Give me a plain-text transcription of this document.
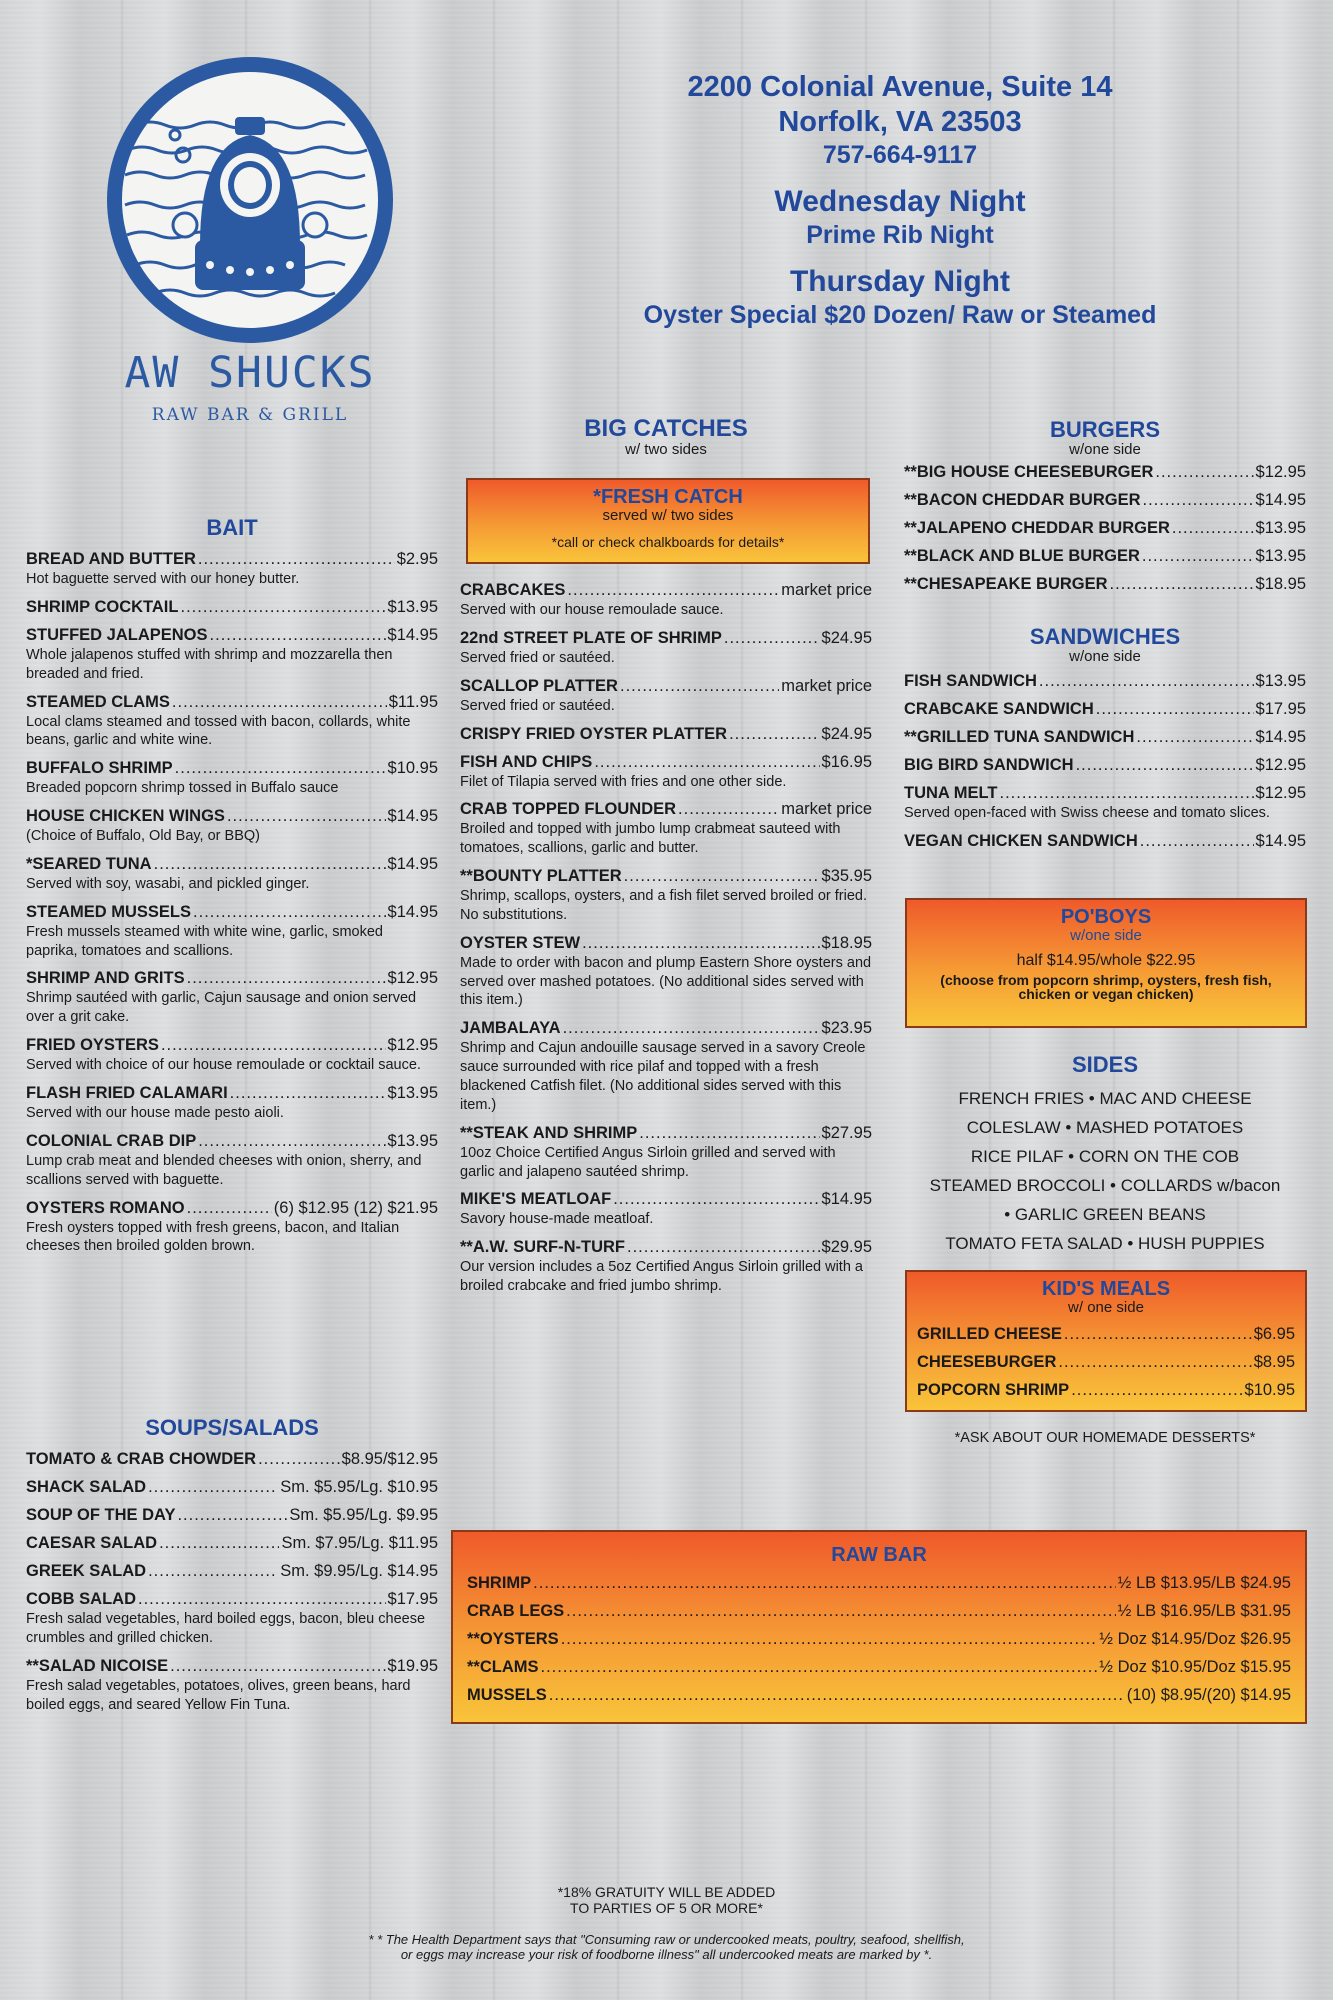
AW SHUCKS
RAW BAR & GRILL
2200 Colonial Avenue, Suite 14
Norfolk, VA 23503
757-664-9117
Wednesday Night
Prime Rib Night
Thursday Night
Oyster Special $20 Dozen/ Raw or Steamed
BAIT
BREAD AND BUTTER .....	$2.95
Hot baguette served with our honey butter.
SHRIMP COCKTAIL .....	$13.95
STUFFED JALAPENOS .....	$14.95
Whole jalapenos stuffed with shrimp and mozzarella then breaded and fried.
STEAMED CLAMS .....	$11.95
Local clams steamed and tossed with bacon, collards, white beans, garlic and white wine.
BUFFALO SHRIMP .....	$10.95
Breaded popcorn shrimp tossed in Buffalo sauce
HOUSE CHICKEN WINGS .....	$14.95
(Choice of Buffalo, Old Bay, or BBQ)
*SEARED TUNA .....	$14.95
Served with soy, wasabi, and pickled ginger.
STEAMED MUSSELS .....	$14.95
Fresh mussels steamed with white wine, garlic, smoked paprika, tomatoes and scallions.
SHRIMP AND GRITS .....	$12.95
Shrimp sautéed with garlic, Cajun sausage and onion served over a grit cake.
FRIED OYSTERS .....	$12.95
Served with choice of our house remoulade or cocktail sauce.
FLASH FRIED CALAMARI .....	$13.95
Served with our house made pesto aioli.
COLONIAL CRAB DIP .....	$13.95
Lump crab meat and blended cheeses with onion, sherry, and scallions served with baguette.
OYSTERS ROMANO .....	(6) $12.95 (12) $21.95
Fresh oysters topped with fresh greens, bacon, and Italian cheeses then broiled golden brown.
SOUPS/SALADS
TOMATO & CRAB CHOWDER .....	$8.95/$12.95
SHACK SALAD .....	Sm. $5.95/Lg. $10.95
SOUP OF THE DAY .....	Sm. $5.95/Lg. $9.95
CAESAR SALAD .....	Sm. $7.95/Lg. $11.95
GREEK SALAD .....	Sm. $9.95/Lg. $14.95
COBB SALAD .....	$17.95
Fresh salad vegetables, hard boiled eggs, bacon, bleu cheese crumbles and grilled chicken.
**SALAD NICOISE .....	$19.95
Fresh salad vegetables, potatoes, olives, green beans, hard boiled eggs, and seared Yellow Fin Tuna.
BIG CATCHES
w/ two sides
*FRESH CATCH
served w/ two sides
*call or check chalkboards for details*
CRABCAKES .....	market price
Served with our house remoulade sauce.
22nd STREET PLATE OF SHRIMP .....	$24.95
Served fried or sautéed.
SCALLOP PLATTER .....	market price
Served fried or sautéed.
CRISPY FRIED OYSTER PLATTER .....	$24.95
FISH AND CHIPS .....	$16.95
Filet of Tilapia served with fries and one other side.
CRAB TOPPED FLOUNDER .....	market price
Broiled and topped with jumbo lump crabmeat sauteed with tomatoes, scallions, garlic and butter.
**BOUNTY PLATTER .....	$35.95
Shrimp, scallops, oysters, and a fish filet served broiled or fried. No substitutions.
OYSTER STEW .....	$18.95
Made to order with bacon and plump Eastern Shore oysters and served over mashed potatoes. (No additional sides served with this item.)
JAMBALAYA .....	$23.95
Shrimp and Cajun andouille sausage served in a savory Creole sauce surrounded with rice pilaf and topped with a fresh blackened Catfish filet. (No additional sides served with this item.)
**STEAK AND SHRIMP .....	$27.95
10oz Choice Certified Angus Sirloin grilled and served with garlic and jalapeno sautéed shrimp.
MIKE'S MEATLOAF .....	$14.95
Savory house-made meatloaf.
**A.W. SURF-N-TURF .....	$29.95
Our version includes a 5oz Certified Angus Sirloin grilled with a broiled crabcake and fried jumbo shrimp.
BURGERS
w/one side
**BIG HOUSE CHEESEBURGER .....	$12.95
**BACON CHEDDAR BURGER .....	$14.95
**JALAPENO CHEDDAR BURGER .....	$13.95
**BLACK AND BLUE BURGER .....	$13.95
**CHESAPEAKE BURGER .....	$18.95
SANDWICHES
w/one side
FISH SANDWICH .....	$13.95
CRABCAKE SANDWICH .....	$17.95
**GRILLED TUNA SANDWICH .....	$14.95
BIG BIRD SANDWICH .....	$12.95
TUNA MELT .....	$12.95
Served open-faced with Swiss cheese and tomato slices.
VEGAN CHICKEN SANDWICH .....	$14.95
PO'BOYS
w/one side
half $14.95/whole $22.95
(choose from popcorn shrimp, oysters, fresh fish,
chicken or vegan chicken)
SIDES
FRENCH FRIES • MAC AND CHEESE
COLESLAW • MASHED POTATOES
RICE PILAF • CORN ON THE COB
STEAMED BROCCOLI • COLLARDS w/bacon
• GARLIC GREEN BEANS
TOMATO FETA SALAD • HUSH PUPPIES
KID'S MEALS
w/ one side
GRILLED CHEESE .....	$6.95
CHEESEBURGER .....	$8.95
POPCORN SHRIMP .....	$10.95
*ASK ABOUT OUR HOMEMADE DESSERTS*
RAW BAR
SHRIMP .....	½ LB $13.95/LB $24.95
CRAB LEGS .....	½ LB $16.95/LB $31.95
**OYSTERS .....	½ Doz $14.95/Doz $26.95
**CLAMS .....	½ Doz $10.95/Doz $15.95
MUSSELS .....	(10) $8.95/(20) $14.95
*18% GRATUITY WILL BE ADDED
TO PARTIES OF 5 OR MORE*
* * The Health Department says that "Consuming raw or undercooked meats, poultry, seafood, shellfish,
or eggs may increase your risk of foodborne illness" all undercooked meats are marked by *.
